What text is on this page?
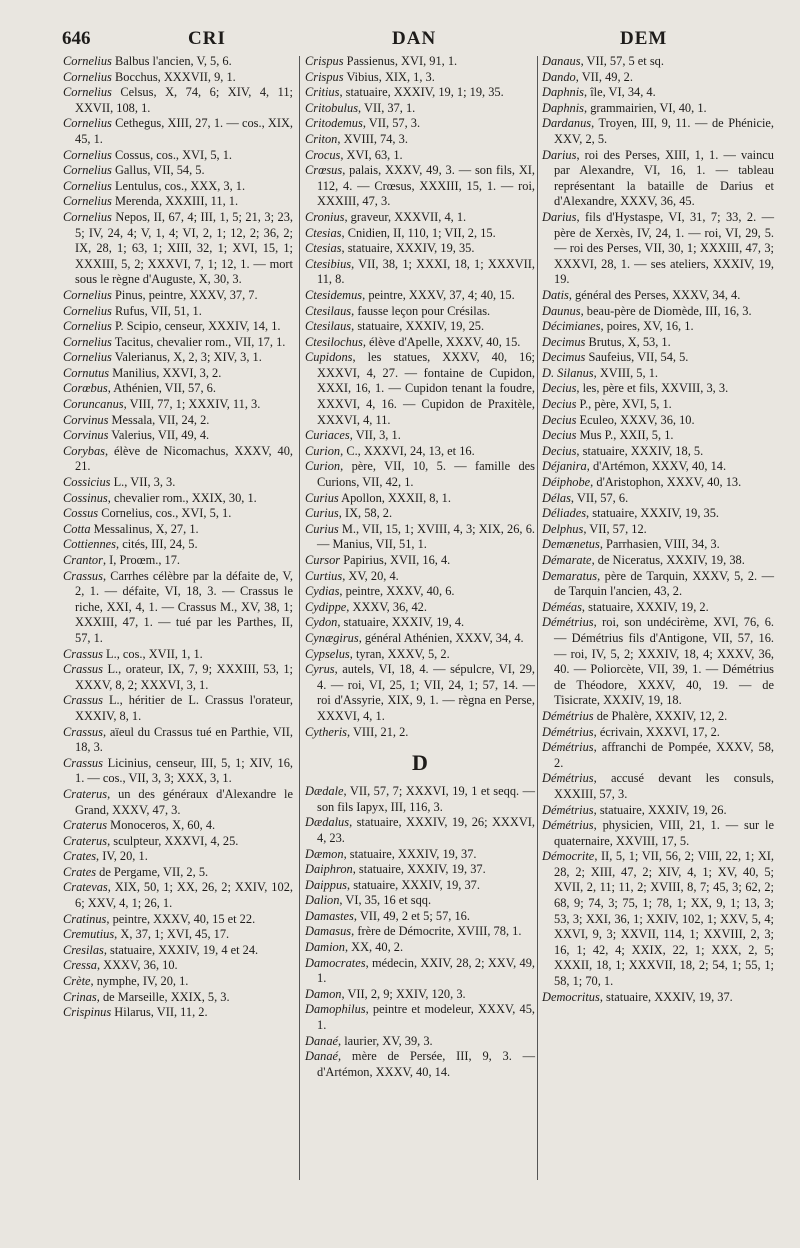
646	CRI	DAN	DEM

Cornelius Balbus l'ancien, V, 5, 6.

Cornelius Bocchus, XXXVII, 9, 1.

Cornelius Celsus, X, 74, 6; XIV, 4, 11; XXVII, 108, 1.

Cornelius Cethegus, XIII, 27, 1. — cos., XIX, 45, 1.

Cornelius Cossus, cos., XVI, 5, 1.

Cornelius Gallus, VII, 54, 5.

Cornelius Lentulus, cos., XXX, 3, 1.

Cornelius Merenda, XXXIII, 11, 1.

Cornelius Nepos, II, 67, 4; III, 1, 5; 21, 3; 23, 5; IV, 24, 4; V, 1, 4; VI, 2, 1; 12, 2; 36, 2; IX, 28, 1; 63, 1; XIII, 32, 1; XVI, 15, 1; XXXIII, 5, 2; XXXVI, 7, 1; 12, 1. — mort sous le règne d'Auguste, X, 30, 3.

Cornelius Pinus, peintre, XXXV, 37, 7.

Cornelius Rufus, VII, 51, 1.

Cornelius P. Scipio, censeur, XXXIV, 14, 1.

Cornelius Tacitus, chevalier rom., VII, 17, 1.

Cornelius Valerianus, X, 2, 3; XIV, 3, 1.

Cornutus Manilius, XXVI, 3, 2.

Corœbus, Athénien, VII, 57, 6.

Coruncanus, VIII, 77, 1; XXXIV, 11, 3.

Corvinus Messala, VII, 24, 2.

Corvinus Valerius, VII, 49, 4.

Corybas, élève de Nicomachus, XXXV, 40, 21.

Cossicius L., VII, 3, 3.

Cossinus, chevalier rom., XXIX, 30, 1.

Cossus Cornelius, cos., XVI, 5, 1.

Cotta Messalinus, X, 27, 1.

Cottiennes, cités, III, 24, 5.

Crantor, I, Proœm., 17.

Crassus, Carrhes célèbre par la défaite de, V, 2, 1. — défaite, VI, 18, 3. — Crassus le riche, XXI, 4, 1. — Crassus M., XV, 38, 1; XXXIII, 47, 1. — tué par les Parthes, II, 57, 1.

Crassus L., cos., XVII, 1, 1.

Crassus L., orateur, IX, 7, 9; XXXIII, 53, 1; XXXV, 8, 2; XXXVI, 3, 1.

Crassus L., héritier de L. Crassus l'orateur, XXXIV, 8, 1.

Crassus, aïeul du Crassus tué en Parthie, VII, 18, 3.

Crassus Licinius, censeur, III, 5, 1; XIV, 16, 1. — cos., VII, 3, 3; XXX, 3, 1.

Craterus, un des généraux d'Alexandre le Grand, XXXV, 47, 3.

Craterus Monoceros, X, 60, 4.

Craterus, sculpteur, XXXVI, 4, 25.

Crates, IV, 20, 1.

Crates de Pergame, VII, 2, 5.

Cratevas, XIX, 50, 1; XX, 26, 2; XXIV, 102, 6; XXV, 4, 1; 26, 1.

Cratinus, peintre, XXXV, 40, 15 et 22.

Cremutius, X, 37, 1; XVI, 45, 17.

Cresilas, statuaire, XXXIV, 19, 4 et 24.

Cressa, XXXV, 36, 10.

Crète, nymphe, IV, 20, 1.

Crinas, de Marseille, XXIX, 5, 3.

Crispinus Hilarus, VII, 11, 2.

Crispus Passienus, XVI, 91, 1.

Crispus Vibius, XIX, 1, 3.

Critius, statuaire, XXXIV, 19, 1; 19, 35.

Critobulus, VII, 37, 1.

Critodemus, VII, 57, 3.

Criton, XVIII, 74, 3.

Crocus, XVI, 63, 1.

Crœsus, palais, XXXV, 49, 3. — son fils, XI, 112, 4. — Crœsus, XXXIII, 15, 1. — roi, XXXIII, 47, 3.

Cronius, graveur, XXXVII, 4, 1.

Ctesias, Cnidien, II, 110, 1; VII, 2, 15.

Ctesias, statuaire, XXXIV, 19, 35.

Ctesibius, VII, 38, 1; XXXI, 18, 1; XXXVII, 11, 8.

Ctesidemus, peintre, XXXV, 37, 4; 40, 15.

Ctesilaus, fausse leçon pour Crésilas.

Ctesilaus, statuaire, XXXIV, 19, 25.

Ctesilochus, élève d'Apelle, XXXV, 40, 15.

Cupidons, les statues, XXXV, 40, 16; XXXVI, 4, 27. — fontaine de Cupidon, XXXI, 16, 1. — Cupidon tenant la foudre, XXXVI, 4, 16. — Cupidon de Praxitèle, XXXVI, 4, 11.

Curiaces, VII, 3, 1.

Curion, C., XXXVI, 24, 13, et 16.

Curion, père, VII, 10, 5. — famille des Curions, VII, 42, 1.

Curius Apollon, XXXII, 8, 1.

Curius, IX, 58, 2.

Curius M., VII, 15, 1; XVIII, 4, 3; XIX, 26, 6. — Manius, VII, 51, 1.

Cursor Papirius, XVII, 16, 4.

Curtius, XV, 20, 4.

Cydias, peintre, XXXV, 40, 6.

Cydippe, XXXV, 36, 42.

Cydon, statuaire, XXXIV, 19, 4.

Cynægirus, général Athénien, XXXV, 34, 4.

Cypselus, tyran, XXXV, 5, 2.

Cyrus, autels, VI, 18, 4. — sépulcre, VI, 29, 4. — roi, VI, 25, 1; VII, 24, 1; 57, 14. — roi d'Assyrie, XIX, 9, 1. — règna en Perse, XXXVI, 4, 1.

Cytheris, VIII, 21, 2.

D

Dædale, VII, 57, 7; XXXVI, 19, 1 et seqq. — son fils Iapyx, III, 116, 3.

Dædalus, statuaire, XXXIV, 19, 26; XXXVI, 4, 23.

Dæmon, statuaire, XXXIV, 19, 37.

Daiphron, statuaire, XXXIV, 19, 37.

Daippus, statuaire, XXXIV, 19, 37.

Dalion, VI, 35, 16 et sqq.

Damastes, VII, 49, 2 et 5; 57, 16.

Damasus, frère de Démocrite, XVIII, 78, 1.

Damion, XX, 40, 2.

Damocrates, médecin, XXIV, 28, 2; XXV, 49, 1.

Damon, VII, 2, 9; XXIV, 120, 3.

Damophilus, peintre et modeleur, XXXV, 45, 1.

Danaé, laurier, XV, 39, 3.

Danaé, mère de Persée, III, 9, 3. — d'Artémon, XXXV, 40, 14.

Danaus, VII, 57, 5 et sq.

Dando, VII, 49, 2.

Daphnis, île, VI, 34, 4.

Daphnis, grammairien, VI, 40, 1.

Dardanus, Troyen, III, 9, 11. — de Phénicie, XXV, 2, 5.

Darius, roi des Perses, XIII, 1, 1. — vaincu par Alexandre, VI, 16, 1. — tableau représentant la bataille de Darius et d'Alexandre, XXXV, 36, 45.

Darius, fils d'Hystaspe, VI, 31, 7; 33, 2. — père de Xerxès, IV, 24, 1. — roi, VI, 29, 5. — roi des Perses, VII, 30, 1; XXXIII, 47, 3; XXXVI, 28, 1. — ses ateliers, XXXIV, 19, 19.

Datis, général des Perses, XXXV, 34, 4.

Daunus, beau-père de Diomède, III, 16, 3.

Décimianes, poires, XV, 16, 1.

Decimus Brutus, X, 53, 1.

Decimus Saufeius, VII, 54, 5.

D. Silanus, XVIII, 5, 1.

Decius, les, père et fils, XXVIII, 3, 3.

Decius P., père, XVI, 5, 1.

Decius Eculeo, XXXV, 36, 10.

Decius Mus P., XXII, 5, 1.

Decius, statuaire, XXXIV, 18, 5.

Déjanira, d'Artémon, XXXV, 40, 14.

Déiphobe, d'Aristophon, XXXV, 40, 13.

Délas, VII, 57, 6.

Déliades, statuaire, XXXIV, 19, 35.

Delphus, VII, 57, 12.

Demænetus, Parrhasien, VIII, 34, 3.

Démarate, de Niceratus, XXXIV, 19, 38.

Demaratus, père de Tarquin, XXXV, 5, 2. — de Tarquin l'ancien, 43, 2.

Déméas, statuaire, XXXIV, 19, 2.

Démétrius, roi, son undécirème, XVI, 76, 6. — Démétrius fils d'Antigone, VII, 57, 16. — roi, IV, 5, 2; XXXIV, 18, 4; XXXV, 36, 40. — Poliorcète, VII, 39, 1. — Démétrius de Théodore, XXXV, 40, 19. — de Tisicrate, XXXIV, 19, 18.

Démétrius de Phalère, XXXIV, 12, 2.

Démétrius, écrivain, XXXVI, 17, 2.

Démétrius, affranchi de Pompée, XXXV, 58, 2.

Démétrius, accusé devant les consuls, XXXIII, 57, 3.

Démétrius, statuaire, XXXIV, 19, 26.

Démétrius, physicien, VIII, 21, 1. — sur le quaternaire, XXVIII, 17, 5.

Démocrite, II, 5, 1; VII, 56, 2; VIII, 22, 1; XI, 28, 2; XIII, 47, 2; XIV, 4, 1; XV, 40, 5; XVII, 2, 11; 11, 2; XVIII, 8, 7; 45, 3; 62, 2; 68, 9; 74, 3; 75, 1; 78, 1; XX, 9, 1; 13, 3; 53, 3; XXI, 36, 1; XXIV, 102, 1; XXV, 5, 4; XXVI, 9, 3; XXVII, 114, 1; XXVIII, 2, 3; 16, 1; 42, 4; XXIX, 22, 1; XXX, 2, 5; XXXII, 18, 1; XXXVII, 18, 2; 54, 1; 55, 1; 58, 1; 70, 1.

Democritus, statuaire, XXXIV, 19, 37.
